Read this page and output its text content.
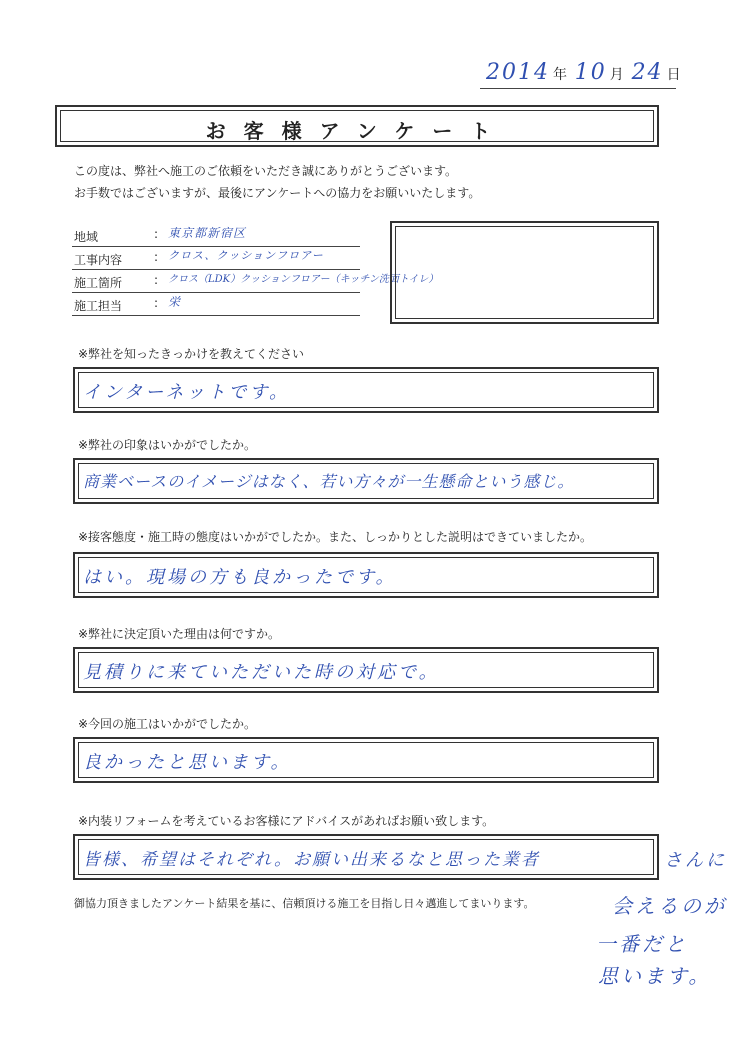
2014 年 10 月 24 日
お客様アンケート
この度は、弊社へ施工のご依頼をいただき誠にありがとうございます。
お手数ではございますが、最後にアンケートへの協力をお願いいたします。
地域	: 東京都新宿区
工事内容	: クロス、クッションフロアー
施工箇所	: クロス（LDK）クッションフロアー（キッチン洗面トイレ）
施工担当	: 栄
※弊社を知ったきっかけを教えてください
インターネットです。
※弊社の印象はいかがでしたか。
商業ベースのイメージはなく、若い方々が一生懸命という感じ。
※接客態度・施工時の態度はいかがでしたか。また、しっかりとした説明はできていましたか。
はい。現場の方も良かったです。
※弊社に決定頂いた理由は何ですか。
見積りに来ていただいた時の対応で。
※今回の施工はいかがでしたか。
良かったと思います。
※内装リフォームを考えているお客様にアドバイスがあればお願い致します。
皆様、希望はそれぞれ。お願い出来るなと思った業者	さんに
御協力頂きましたアンケート結果を基に、信頼頂ける施工を目指し日々邁進してまいります。	会えるのが
一番だと
思います。
